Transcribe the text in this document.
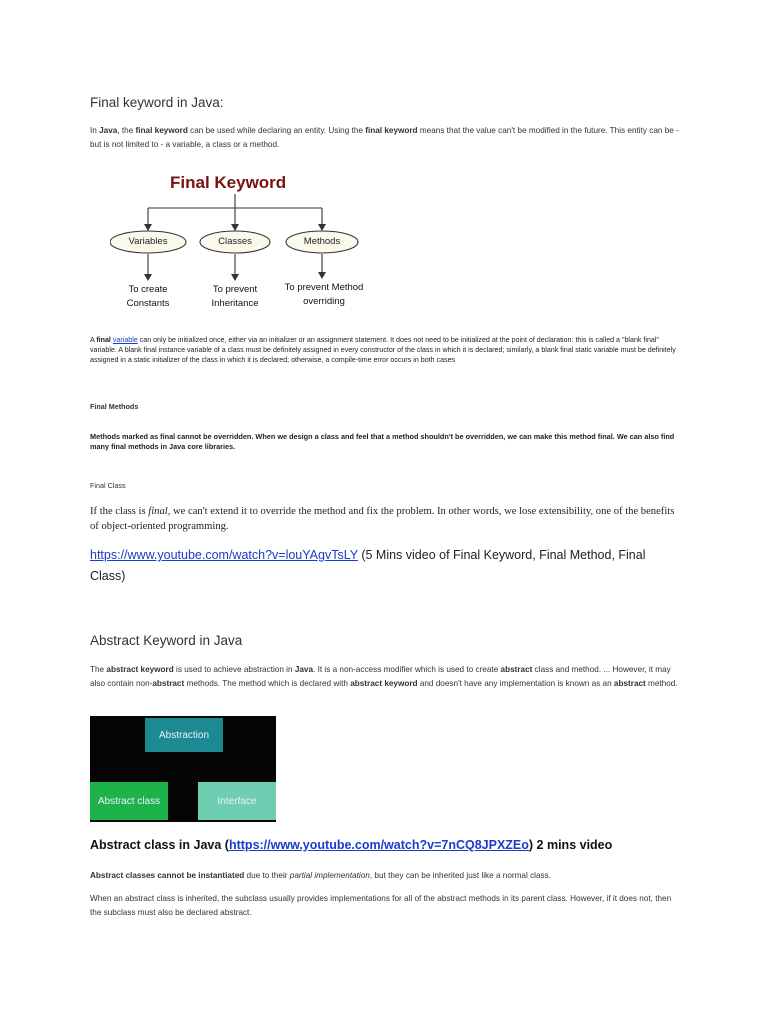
Final keyword in Java:

In Java, the final keyword can be used while declaring an entity. Using the final keyword means that the value can't be modified in the future. This entity can be - but is not limited to - a variable, a class or a method.

Final Keyword
Variables	Classes	Methods
To create Constants
To prevent Inheritance
To prevent Method overriding

A final variable can only be initialized once, either via an initializer or an assignment statement. It does not need to be initialized at the point of declaration: this is called a "blank final" variable. A blank final instance variable of a class must be definitely assigned in every constructor of the class in which it is declared; similarly, a blank final static variable must be definitely assigned in a static initializer of the class in which it is declared; otherwise, a compile-time error occurs in both cases

Final Methods

Methods marked as final cannot be overridden. When we design a class and feel that a method shouldn't be overridden, we can make this method final. We can also find many final methods in Java core libraries.

Final Class

If the class is final, we can't extend it to override the method and fix the problem. In other words, we lose extensibility, one of the benefits of object-oriented programming.

https://www.youtube.com/watch?v=louYAgvTsLY (5 Mins video of Final Keyword, Final Method, Final Class)

Abstract Keyword in Java

The abstract keyword is used to achieve abstraction in Java. It is a non-access modifier which is used to create abstract class and method. ... However, it may also contain non-abstract methods. The method which is declared with abstract keyword and doesn't have any implementation is known as an abstract method.

Abstraction
Abstract class	Interface
Abstract class in Java (https://www.youtube.com/watch?v=7nCQ8JPXZEo) 2 mins video

Abstract classes cannot be instantiated due to their partial implementation, but they can be inherited just like a normal class.

When an abstract class is inherited, the subclass usually provides implementations for all of the abstract methods in its parent class. However, if it does not, then the subclass must also be declared abstract.
